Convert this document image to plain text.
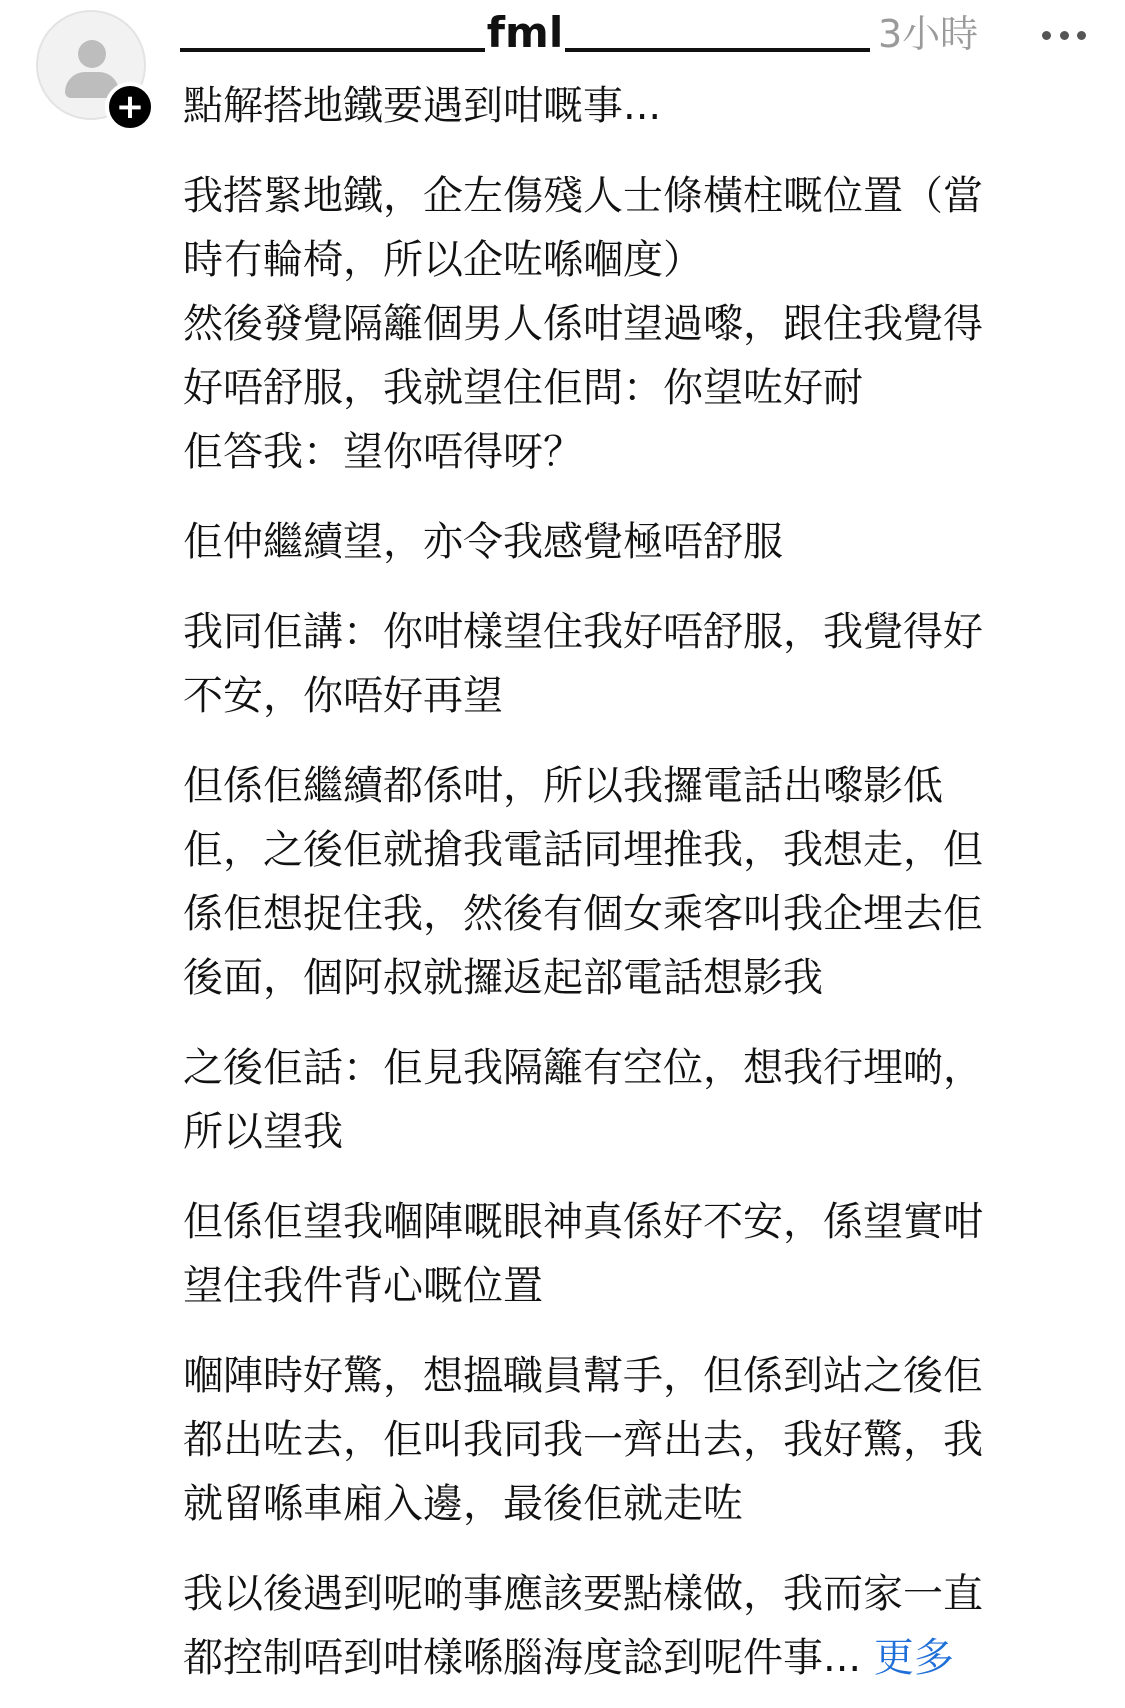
+
fml	3小時
點解搭地鐵要遇到咁嘅事...

我搭緊地鐵，企左傷殘人士條橫柱嘅位置（當
時冇輪椅，所以企咗喺嗰度）

然後發覺隔籬個男人係咁望過嚟，跟住我覺得
好唔舒服，我就望住佢問：你望咗好耐

佢答我：望你唔得呀？

佢仲繼續望，亦令我感覺極唔舒服

我同佢講：你咁樣望住我好唔舒服，我覺得好
不安，你唔好再望

但係佢繼續都係咁，所以我攞電話出嚟影低
佢，之後佢就搶我電話同埋推我，我想走，但
係佢想捉住我，然後有個女乘客叫我企埋去佢
後面，個阿叔就攞返起部電話想影我

之後佢話：佢見我隔籬有空位，想我行埋啲，
所以望我

但係佢望我嗰陣嘅眼神真係好不安，係望實咁
望住我件背心嘅位置

嗰陣時好驚，想搵職員幫手，但係到站之後佢
都出咗去，佢叫我同我一齊出去，我好驚，我
就留喺車廂入邊，最後佢就走咗

我以後遇到呢啲事應該要點樣做，我而家一直
都控制唔到咁樣喺腦海度諗到呢件事... 更多
